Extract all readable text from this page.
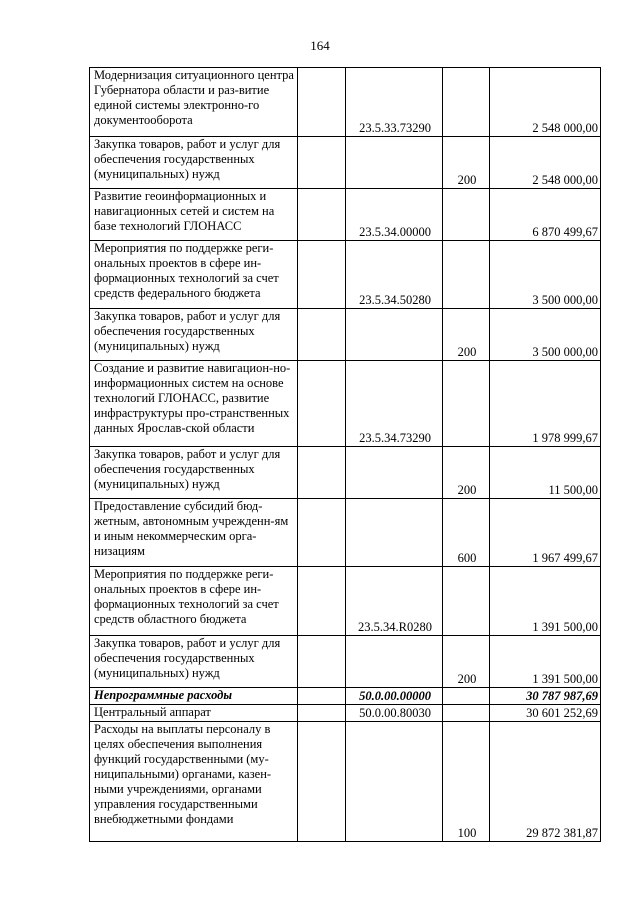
164
Модернизация ситуационного центра Губернатора области и раз-витие единой системы электронно-го документооборота		23.5.33.73290		2 548 000,00
Закупка товаров, работ и услуг для обеспечения государственных (муниципальных) нужд			200	2 548 000,00
Развитие геоинформационных и навигационных сетей и систем на базе технологий ГЛОНАСС		23.5.34.00000		6 870 499,67
Мероприятия по поддержке реги-ональных проектов в сфере ин-формационных технологий за счет средств федерального бюджета		23.5.34.50280		3 500 000,00
Закупка товаров, работ и услуг для обеспечения государственных (муниципальных) нужд			200	3 500 000,00
Создание и развитие навигацион-но-информационных систем на основе технологий ГЛОНАСС, развитие инфраструктуры про-странственных данных Ярослав-ской области		23.5.34.73290		1 978 999,67
Закупка товаров, работ и услуг для обеспечения государственных (муниципальных) нужд			200	11 500,00
Предоставление субсидий бюд-жетным, автономным учрежденн-ям и иным некоммерческим орга-низациям			600	1 967 499,67
Мероприятия по поддержке реги-ональных проектов в сфере ин-формационных технологий за счет средств областного бюджета		23.5.34.R0280		1 391 500,00
Закупка товаров, работ и услуг для обеспечения государственных (муниципальных) нужд			200	1 391 500,00
Непрограммные расходы		50.0.00.00000		30 787 987,69
Центральный аппарат		50.0.00.80030		30 601 252,69
Расходы на выплаты персоналу в целях обеспечения выполнения функций государственными (му-ниципальными) органами, казен-ными учреждениями, органами управления государственными внебюджетными фондами			100	29 872 381,87
